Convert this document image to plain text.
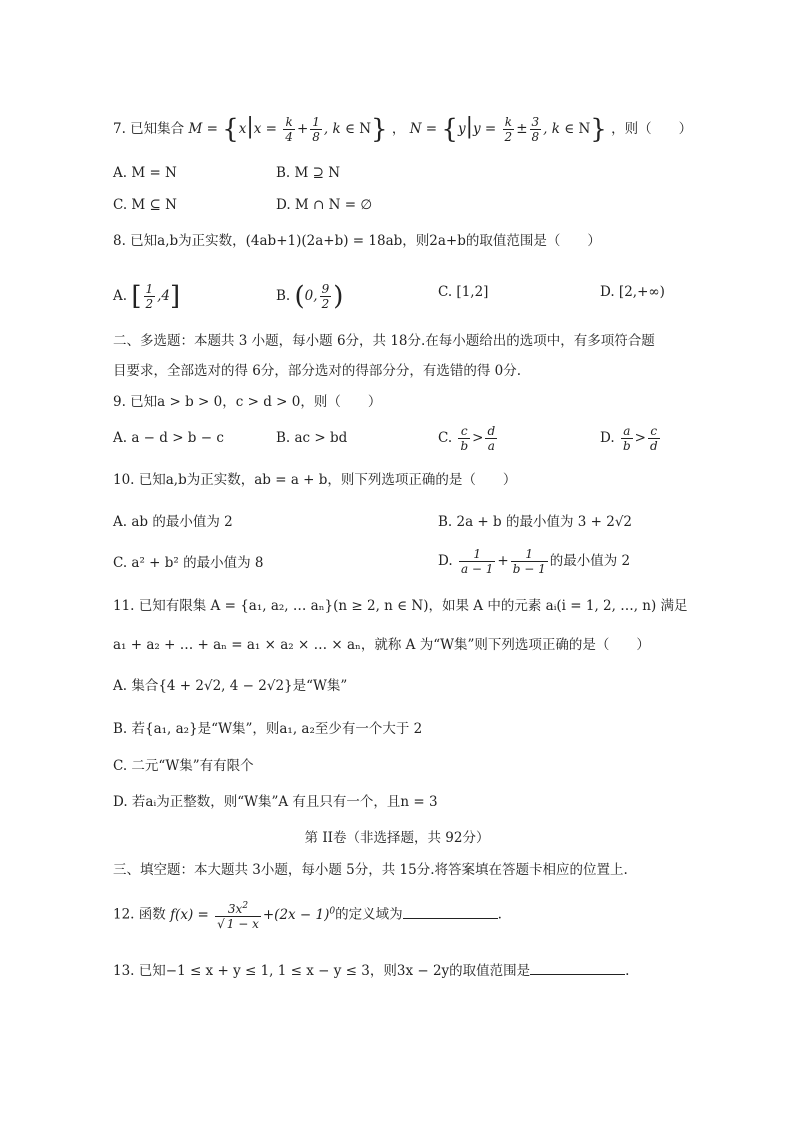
7. 已知集合 $M = \{x|x = \frac{k}{4} + \frac{1}{8}$ , k ∈ N} ， $N = \{y|y = \frac{k}{2} \pm \frac{3}{8}$ , k ∈ N} ，则（　　）
A. M = N	B. M ⊇ N
C. M ⊆ N	D. M ∩ N = ∅
8. 已知a,b为正实数，(4ab+1)(2a+b) = 18ab，则2a+b的取值范围是（　　）
A. [ $\frac{1}{2} ,4$]	B. (0, $\frac{9}{2}$ )	C. [1,2]	D. [2,+∞)
二、多选题：本题共 3 小题，每小题 6分，共 18分.在每小题给出的选项中，有多项符合题
目要求，全部选对的得 6分，部分选对的得部分分，有选错的得 0分.
9. 已知a > b > 0，c > d > 0，则（　　）
A. a − d > b − c	B. ac > bd	C. $\frac{c}{b} > \frac{d}{a}$	D. $\frac{a}{b} > \frac{c}{d}$
10. 已知a,b为正实数，ab = a + b，则下列选项正确的是（　　）
A. ab 的最小值为 2	B. 2a + b 的最小值为 3 + 2√2
C. a² + b² 的最小值为 8	D. $\frac{1}{a - 1} + \frac{1}{b - 1}$ 的最小值为 2
11. 已知有限集 A = {a₁, a₂, … aₙ}(n ≥ 2, n ∈ N)，如果 A 中的元素 aᵢ(i = 1, 2, …, n) 满足
a₁ + a₂ + … + aₙ = a₁ × a₂ × … × aₙ，就称 A 为“W集”则下列选项正确的是（　　）
A. 集合{4 + 2√2, 4 − 2√2}是“W集”
B. 若{a₁, a₂}是“W集”，则a₁, a₂至少有一个大于 2
C. 二元“W集”有有限个
D. 若aᵢ为正整数，则“W集”A 有且只有一个，且n = 3
第 II卷（非选择题，共 92分）
三、填空题：本大题共 3小题，每小题 5分，共 15分.将答案填在答题卡相应的位置上.
12. 函数 $f(x) = \frac{3x^2}{√ 1 - x} +(2x - 1)^0$的定义域为	.
13. 已知−1 ≤ x + y ≤ 1, 1 ≤ x − y ≤ 3，则3x − 2y的取值范围是	.
